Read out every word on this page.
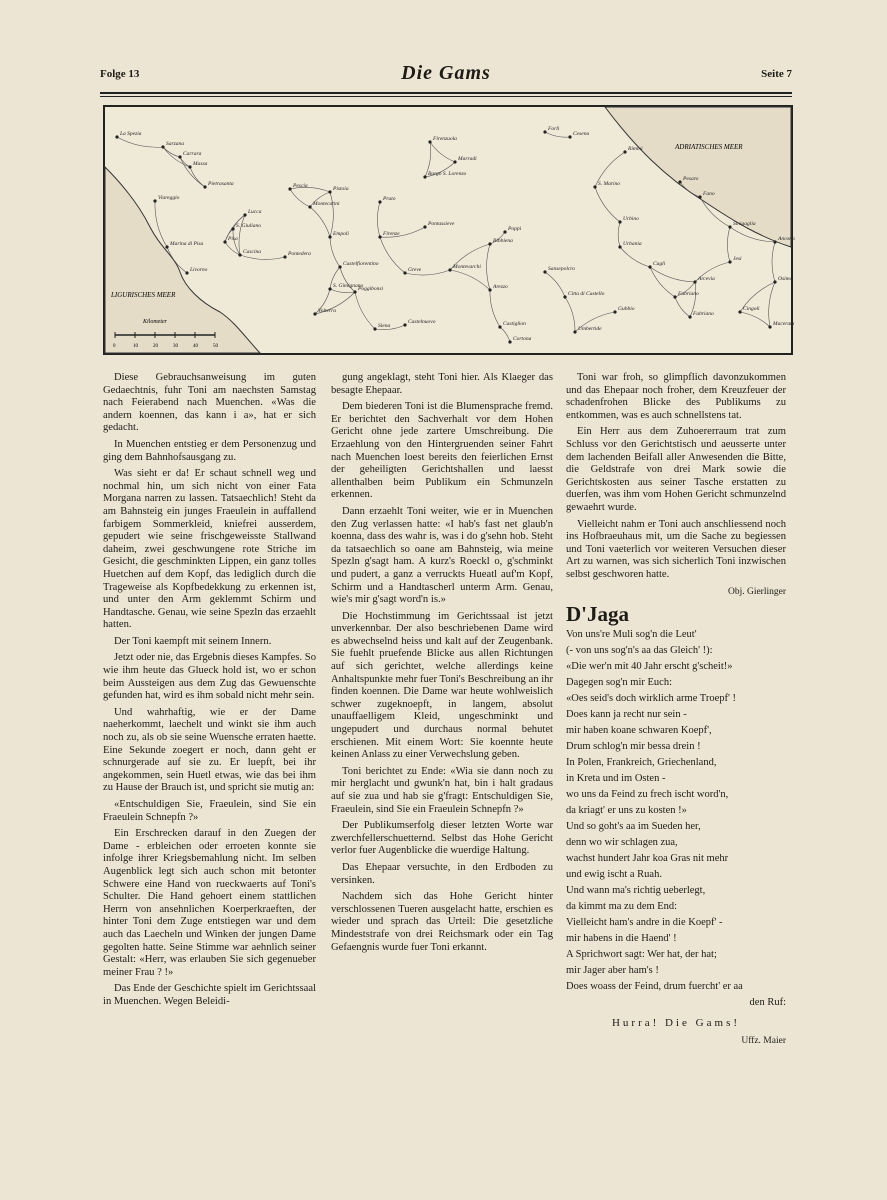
Folge 13	Die Gams	Seite 7
La Spezia
Sarzana
Carrara
Massa
Pietrasanta
Viareggio
Lucca
S. Giuliano
Pisa
Marina di Pisa
Cascina
Livorno
Pontedera
Empoli
Pistoia
Prato
Pescia
Montecatini
Firenze
Volterra
Castelfiorentino
S. Gimignano
Poggibonsi
Siena
Castelnuovo
Greve
Pontassieve
Borgo S. Lorenzo
Firenzuola
Marradi
Bibbiena
Poppi
Arezzo
Cortona
Castiglion
Montevarchi
Forli
Cesena
Rimini
S. Marino
Pesaro
Fano
Sinigaglia
Ancona
Urbino
Urbania
Cagli
Fabriano
Gubbio
Umbertide
Citta di Castello
Sansepolcro
Jesi
Osimo
Macerata
Cingoli
Fabriano
Arcevia
LIGURISCHES MEER
ADRIATISCHES MEER
Kilometer
0	10	20	30	40	50

Diese Gebrauchsanweisung im guten Gedaechtnis, fuhr Toni am naechsten Samstag nach Feierabend nach Muenchen. «Was die andern koennen, das kann i a», hat er sich gedacht.

In Muenchen entstieg er dem Personenzug und ging dem Bahnhofsausgang zu.

Was sieht er da! Er schaut schnell weg und nochmal hin, um sich nicht von einer Fata Morgana narren zu lassen. Tatsaechlich! Steht da am Bahnsteig ein junges Fraeulein in auffallend farbigem Sommerkleid, kniefrei ausserdem, gepudert wie seine frischgeweisste Stallwand daheim, zwei geschwungene rote Striche im Gesicht, die geschminkten Lippen, ein ganz tolles Huetchen auf dem Kopf, das lediglich durch die Trageweise als Kopfbedekkung zu erkennen ist, und unter den Arm geklemmt Schirm und Handtasche. Genau, wie seine Spezln das erzaehlt hatten.

Der Toni kaempft mit seinem Innern.

Jetzt oder nie, das Ergebnis dieses Kampfes. So wie ihm heute das Glueck hold ist, wo er schon beim Aussteigen aus dem Zug das Gewuenschte gefunden hat, wird es ihm sobald nicht mehr sein.

Und wahrhaftig, wie er der Dame naeherkommt, laechelt und winkt sie ihm auch noch zu, als ob sie seine Wuensche erraten haette. Eine Sekunde zoegert er noch, dann geht er schnurgerade auf sie zu. Er luepft, bei ihr angekommen, sein Huetl etwas, wie das bei ihm zu Hause der Brauch ist, und spricht sie mutig an:

«Entschuldigen Sie, Fraeulein, sind Sie ein Fraeulein Schnepfn ?»

Ein Erschrecken darauf in den Zuegen der Dame - erbleichen oder erroeten konnte sie infolge ihrer Kriegsbemahlung nicht. Im selben Augenblick legt sich auch schon mit betonter Schwere eine Hand von rueckwaerts auf Toni's Schulter. Die Hand gehoert einem stattlichen Herrn von ansehnlichen Koerperkraeften, der hinter Toni dem Zuge entstiegen war und dem auch das Laecheln und Winken der jungen Dame gegolten hatte. Seine Stimme war aehnlich seiner Gestalt: «Herr, was erlauben Sie sich gegenueber meiner Frau ? !»

Das Ende der Geschichte spielt im Gerichtssaal in Muenchen. Wegen Beleidi-

gung angeklagt, steht Toni hier. Als Klaeger das besagte Ehepaar.

Dem biederen Toni ist die Blumensprache fremd. Er berichtet den Sachverhalt vor dem Hohen Gericht ohne jede zartere Umschreibung. Die Erzaehlung von den Hintergruenden seiner Fahrt nach Muenchen loest bereits den feierlichen Ernst der geheiligten Gerichtshallen und laesst allenthalben beim Publikum ein Schmunzeln erkennen.

Dann erzaehlt Toni weiter, wie er in Muenchen den Zug verlassen hatte: «I hab's fast net glaub'n koenna, dass des wahr is, was i do g'sehn hob. Steht da tatsaechlich so oane am Bahnsteig, wia meine Spezln g'sagt ham. A kurz's Roeckl o, g'schminkt und pudert, a ganz a verruckts Hueatl auf'm Kopf, Schirm und a Handtascherl unterm Arm. Genau, wie's mir g'sagt word'n is.»

Die Hochstimmung im Gerichtssaal ist jetzt unverkennbar. Der also beschriebenen Dame wird es abwechselnd heiss und kalt auf der Zeugenbank. Sie fuehlt pruefende Blicke aus allen Richtungen auf sich gerichtet, welche allerdings keine Anhaltspunkte mehr fuer Toni's Beschreibung an ihr finden koennen. Die Dame war heute wohlweislich schwer zugeknoepft, in langem, absolut unauffaelligem Kleid, ungeschminkt und ungepudert und durchaus normal behutet erschienen. Mit einem Wort: Sie koennte heute keinen Anlass zu einer Verwechslung geben.

Toni berichtet zu Ende: «Wia sie dann noch zu mir herglacht und gwunk'n hat, bin i halt gradaus auf sie zua und hab sie g'fragt: Entschuldigen Sie, Fraeulein, sind Sie ein Fraeulein Schnepfn ?»

Der Publikumserfolg dieser letzten Worte war zwerchfellerschuetternd. Selbst das Hohe Gericht verlor fuer Augenblicke die wuerdige Haltung.

Das Ehepaar versuchte, in den Erdboden zu versinken.

Nachdem sich das Hohe Gericht hinter verschlossenen Tueren ausgelacht hatte, erschien es wieder und sprach das Urteil: Die gesetzliche Mindeststrafe von drei Reichsmark oder ein Tag Gefaengnis wurde fuer Toni erkannt.

Toni war froh, so glimpflich davonzukommen und das Ehepaar noch froher, dem Kreuzfeuer der schadenfrohen Blicke des Publikums zu entkommen, was es auch schnellstens tat.

Ein Herr aus dem Zuhoererraum trat zum Schluss vor den Gerichtstisch und aeusserte unter dem lachenden Beifall aller Anwesenden die Bitte, die Geldstrafe von drei Mark sowie die Gerichtskosten aus seiner Tasche erstatten zu duerfen, was ihm vom Hohen Gericht schmunzelnd gewaehrt wurde.

Vielleicht nahm er Toni auch anschliessend noch ins Hofbraeuhaus mit, um die Sache zu begiessen und Toni vaeterlich vor weiteren Versuchen dieser Art zu warnen, was sich sicherlich Toni inzwischen selbst geschworen hatte.

Obj. Gierlinger
D'Jaga
Von uns're Muli sog'n die Leut'
(- von uns sog'n's aa das Gleich' !):
«Die wer'n mit 40 Jahr erscht g'scheit!»
Dagegen sog'n mir Euch:
«Oes seid's doch wirklich arme Troepf' !
Does kann ja recht nur sein -
mir haben koane schwaren Koepf',
Drum schlog'n mir bessa drein !
In Polen, Frankreich, Griechenland,
in Kreta und im Osten -
wo uns da Feind zu frech ischt word'n,
da kriagt' er uns zu kosten !»
Und so goht's aa im Sueden her,
denn wo wir schlagen zua,
wachst hundert Jahr koa Gras nit mehr
und ewig ischt a Ruah.
Und wann ma's richtig ueberlegt,
da kimmt ma zu dem End:
Vielleicht ham's andre in die Koepf' -
mir habens in die Haend' !
A Sprichwort sagt: Wer hat, der hat;
mir Jager aber ham's !
Does woass der Feind, drum fuercht' er aa
den Ruf:
Hurra! Die Gams!
Uffz. Maier
